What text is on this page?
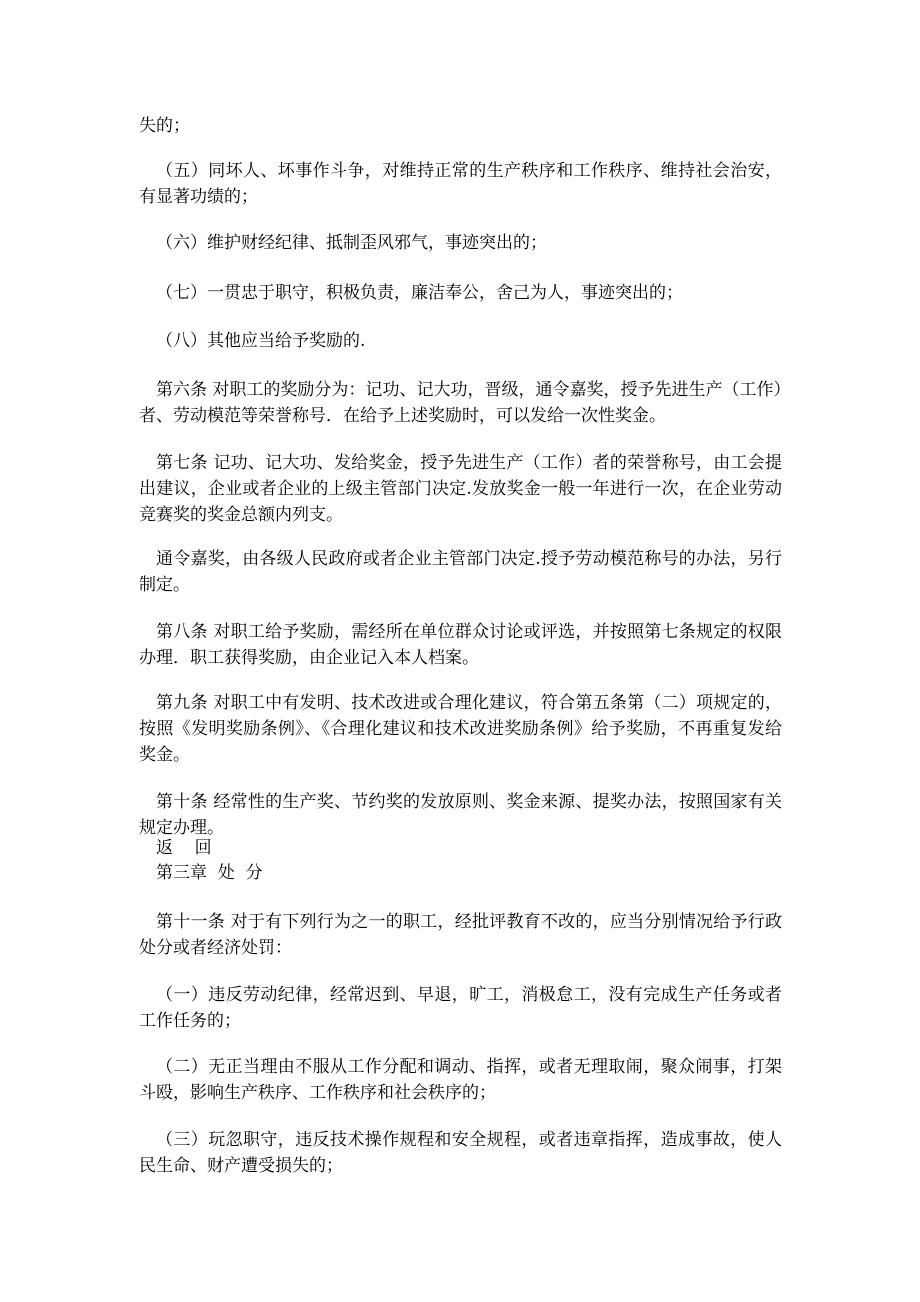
失的；

（五）同坏人、坏事作斗争，对维持正常的生产秩序和工作秩序、维持社会治安，有显著功绩的；

（六）维护财经纪律、抵制歪风邪气，事迹突出的；

（七）一贯忠于职守，积极负责，廉洁奉公，舍己为人，事迹突出的；

（八）其他应当给予奖励的.

第六条 对职工的奖励分为：记功、记大功，晋级，通令嘉奖，授予先进生产（工作）者、劳动模范等荣誉称号．在给予上述奖励时，可以发给一次性奖金。

第七条 记功、记大功、发给奖金，授予先进生产（工作）者的荣誉称号，由工会提出建议，企业或者企业的上级主管部门决定.发放奖金一般一年进行一次，在企业劳动竞赛奖的奖金总额内列支。

通令嘉奖，由各级人民政府或者企业主管部门决定.授予劳动模范称号的办法，另行制定。

第八条 对职工给予奖励，需经所在单位群众讨论或评选，并按照第七条规定的权限办理．职工获得奖励，由企业记入本人档案。

第九条 对职工中有发明、技术改进或合理化建议，符合第五条第（二）项规定的，按照《发明奖励条例》、《合理化建议和技术改进奖励条例》给予奖励，不再重复发给奖金。

第十条 经常性的生产奖、节约奖的发放原则、奖金来源、提奖办法，按照国家有关规定办理。

返    回

第三章  处  分

第十一条 对于有下列行为之一的职工，经批评教育不改的，应当分别情况给予行政处分或者经济处罚：

（一）违反劳动纪律，经常迟到、早退，旷工，消极怠工，没有完成生产任务或者工作任务的；

（二）无正当理由不服从工作分配和调动、指挥，或者无理取闹，聚众闹事，打架斗殴，影响生产秩序、工作秩序和社会秩序的；

（三）玩忽职守，违反技术操作规程和安全规程，或者违章指挥，造成事故，使人民生命、财产遭受损失的；
